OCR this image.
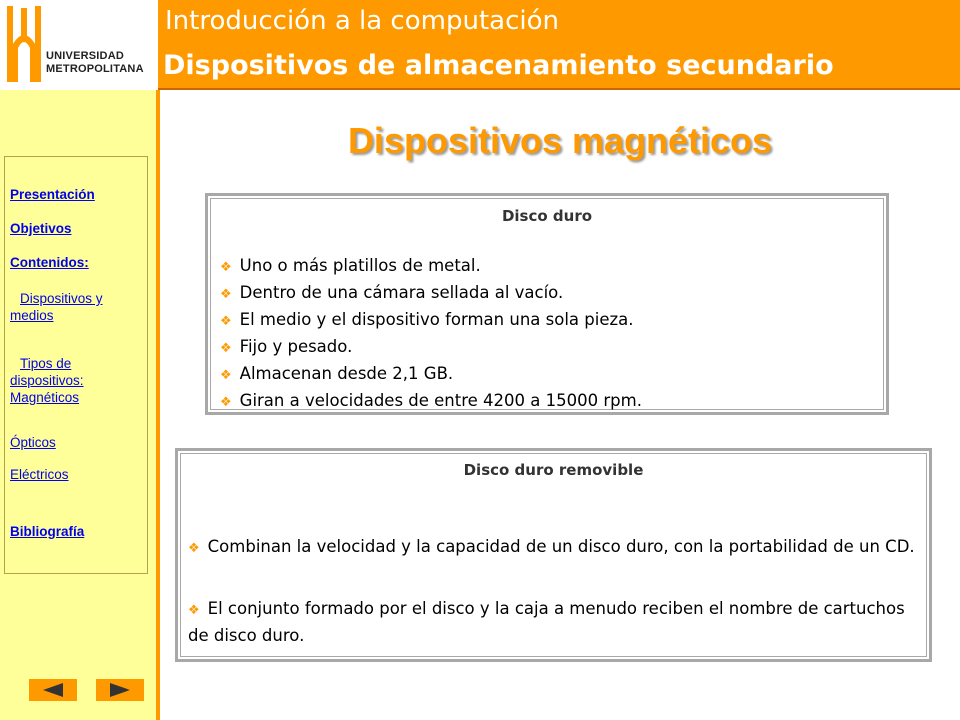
UNIVERSIDAD
METROPOLITANA
Introducción a la computación
Dispositivos de almacenamiento secundario
Presentación
Objetivos
Contenidos:
Dispositivos y medios
Tipos de dispositivos: Magnéticos
Ópticos
Eléctricos
Bibliografía
Dispositivos magnéticos
Disco duro
❖ Uno o más platillos de metal.
❖ Dentro de una cámara sellada al vacío.
❖ El medio y el dispositivo forman una sola pieza.
❖ Fijo y pesado.
❖ Almacenan desde 2,1 GB.
❖ Giran a velocidades de entre 4200 a 15000 rpm.
Disco duro removible
❖ Combinan la velocidad y la capacidad de un disco duro, con la portabilidad de un CD.
❖ El conjunto formado por el disco y la caja a menudo reciben el nombre de cartuchos de disco duro.
